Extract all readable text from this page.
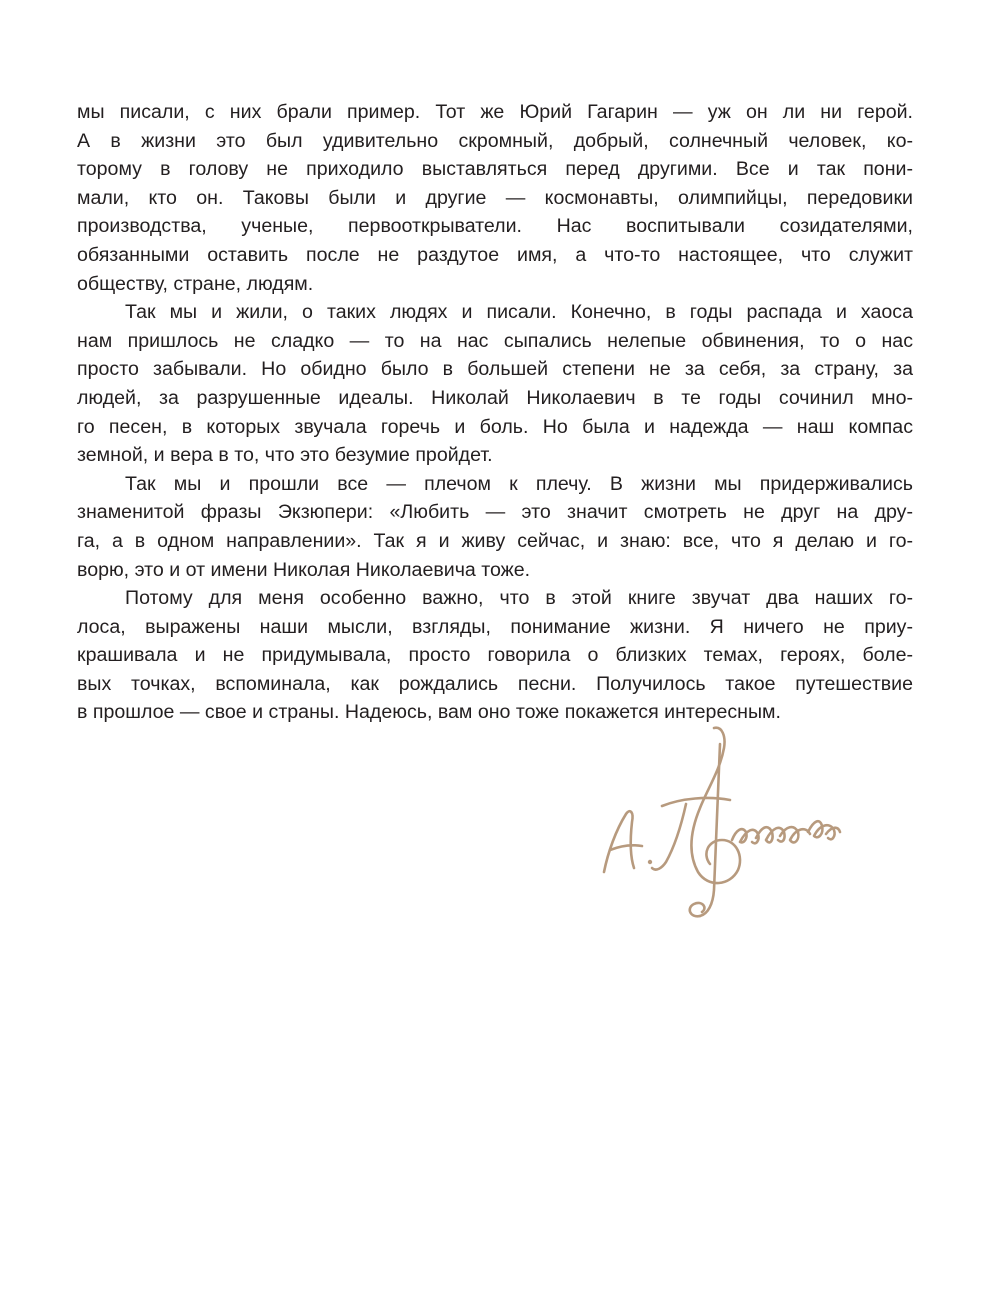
мы писали, с них брали пример. Тот же Юрий Гагарин — уж он ли ни герой.
А в жизни это был удивительно скромный, добрый, солнечный человек, ко-
торому в голову не приходило выставляться перед другими. Все и так пони-
мали, кто он. Таковы были и другие — космонавты, олимпийцы, передовики
производства, ученые, первооткрыватели. Нас воспитывали созидателями,
обязанными оставить после не раздутое имя, а что-то настоящее, что служит
обществу, стране, людям.
Так мы и жили, о таких людях и писали. Конечно, в годы распада и хаоса
нам пришлось не сладко — то на нас сыпались нелепые обвинения, то о нас
просто забывали. Но обидно было в большей степени не за себя, за страну, за
людей, за разрушенные идеалы. Николай Николаевич в те годы сочинил мно-
го песен, в которых звучала горечь и боль. Но была и надежда — наш компас
земной, и вера в то, что это безумие пройдет.
Так мы и прошли все — плечом к плечу. В жизни мы придерживались
знаменитой фразы Экзюпери: «Любить — это значит смотреть не друг на дру-
га, а в одном направлении». Так я и живу сейчас, и знаю: все, что я делаю и го-
ворю, это и от имени Николая Николаевича тоже.
Потому для меня особенно важно, что в этой книге звучат два наших го-
лоса, выражены наши мысли, взгляды, понимание жизни. Я ничего не приу-
крашивала и не придумывала, просто говорила о близких темах, героях, боле-
вых точках, вспоминала, как рождались песни. Получилось такое путешествие
в прошлое — свое и страны. Надеюсь, вам оно тоже покажется интересным.
